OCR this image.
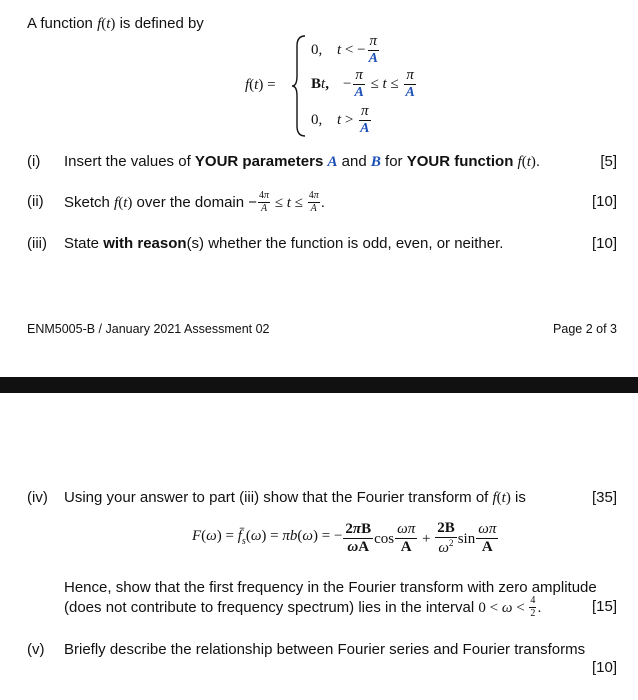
A function f(t) is defined by
f(t) =
0, t < − $\frac{\pi}{A}$
Bt, − $\frac{\pi}{A} \le t \le \frac{\pi}{A}$
0, $t > \frac{\pi}{A}$
(i) Insert the values of YOUR parameters A and B for YOUR function f(t).	[5]
(ii) Sketch f ( t ) over the domain − $\frac{4\pi}{A} \le t \le \frac{4\pi}{A}$ .	[10]
(iii) State with reason(s) whether the function is odd, even, or neither.	[10]
ENM5005-B / January 2021 Assessment 02	Page 2 of 3
(iv) Using your answer to part (iii) show that the Fourier transform of f(t) is	[35]
$F(\omega) = f̄_s(\omega) = \pi b(\omega)$ = − $\frac{2\pi B}{\omega A}$ $\cos \frac{\omega\pi}{A} + \frac{2B}{\omega^2}$ $\sin \frac{\omega\pi}{A}$
Hence, show that the first frequency in the Fourier transform with zero amplitude
(does not contribute to frequency spectrum) lies in the interval $0 < \omega < \frac{4}{2}$ .	[15]
(v) Briefly describe the relationship between Fourier series and Fourier transforms
[10]
